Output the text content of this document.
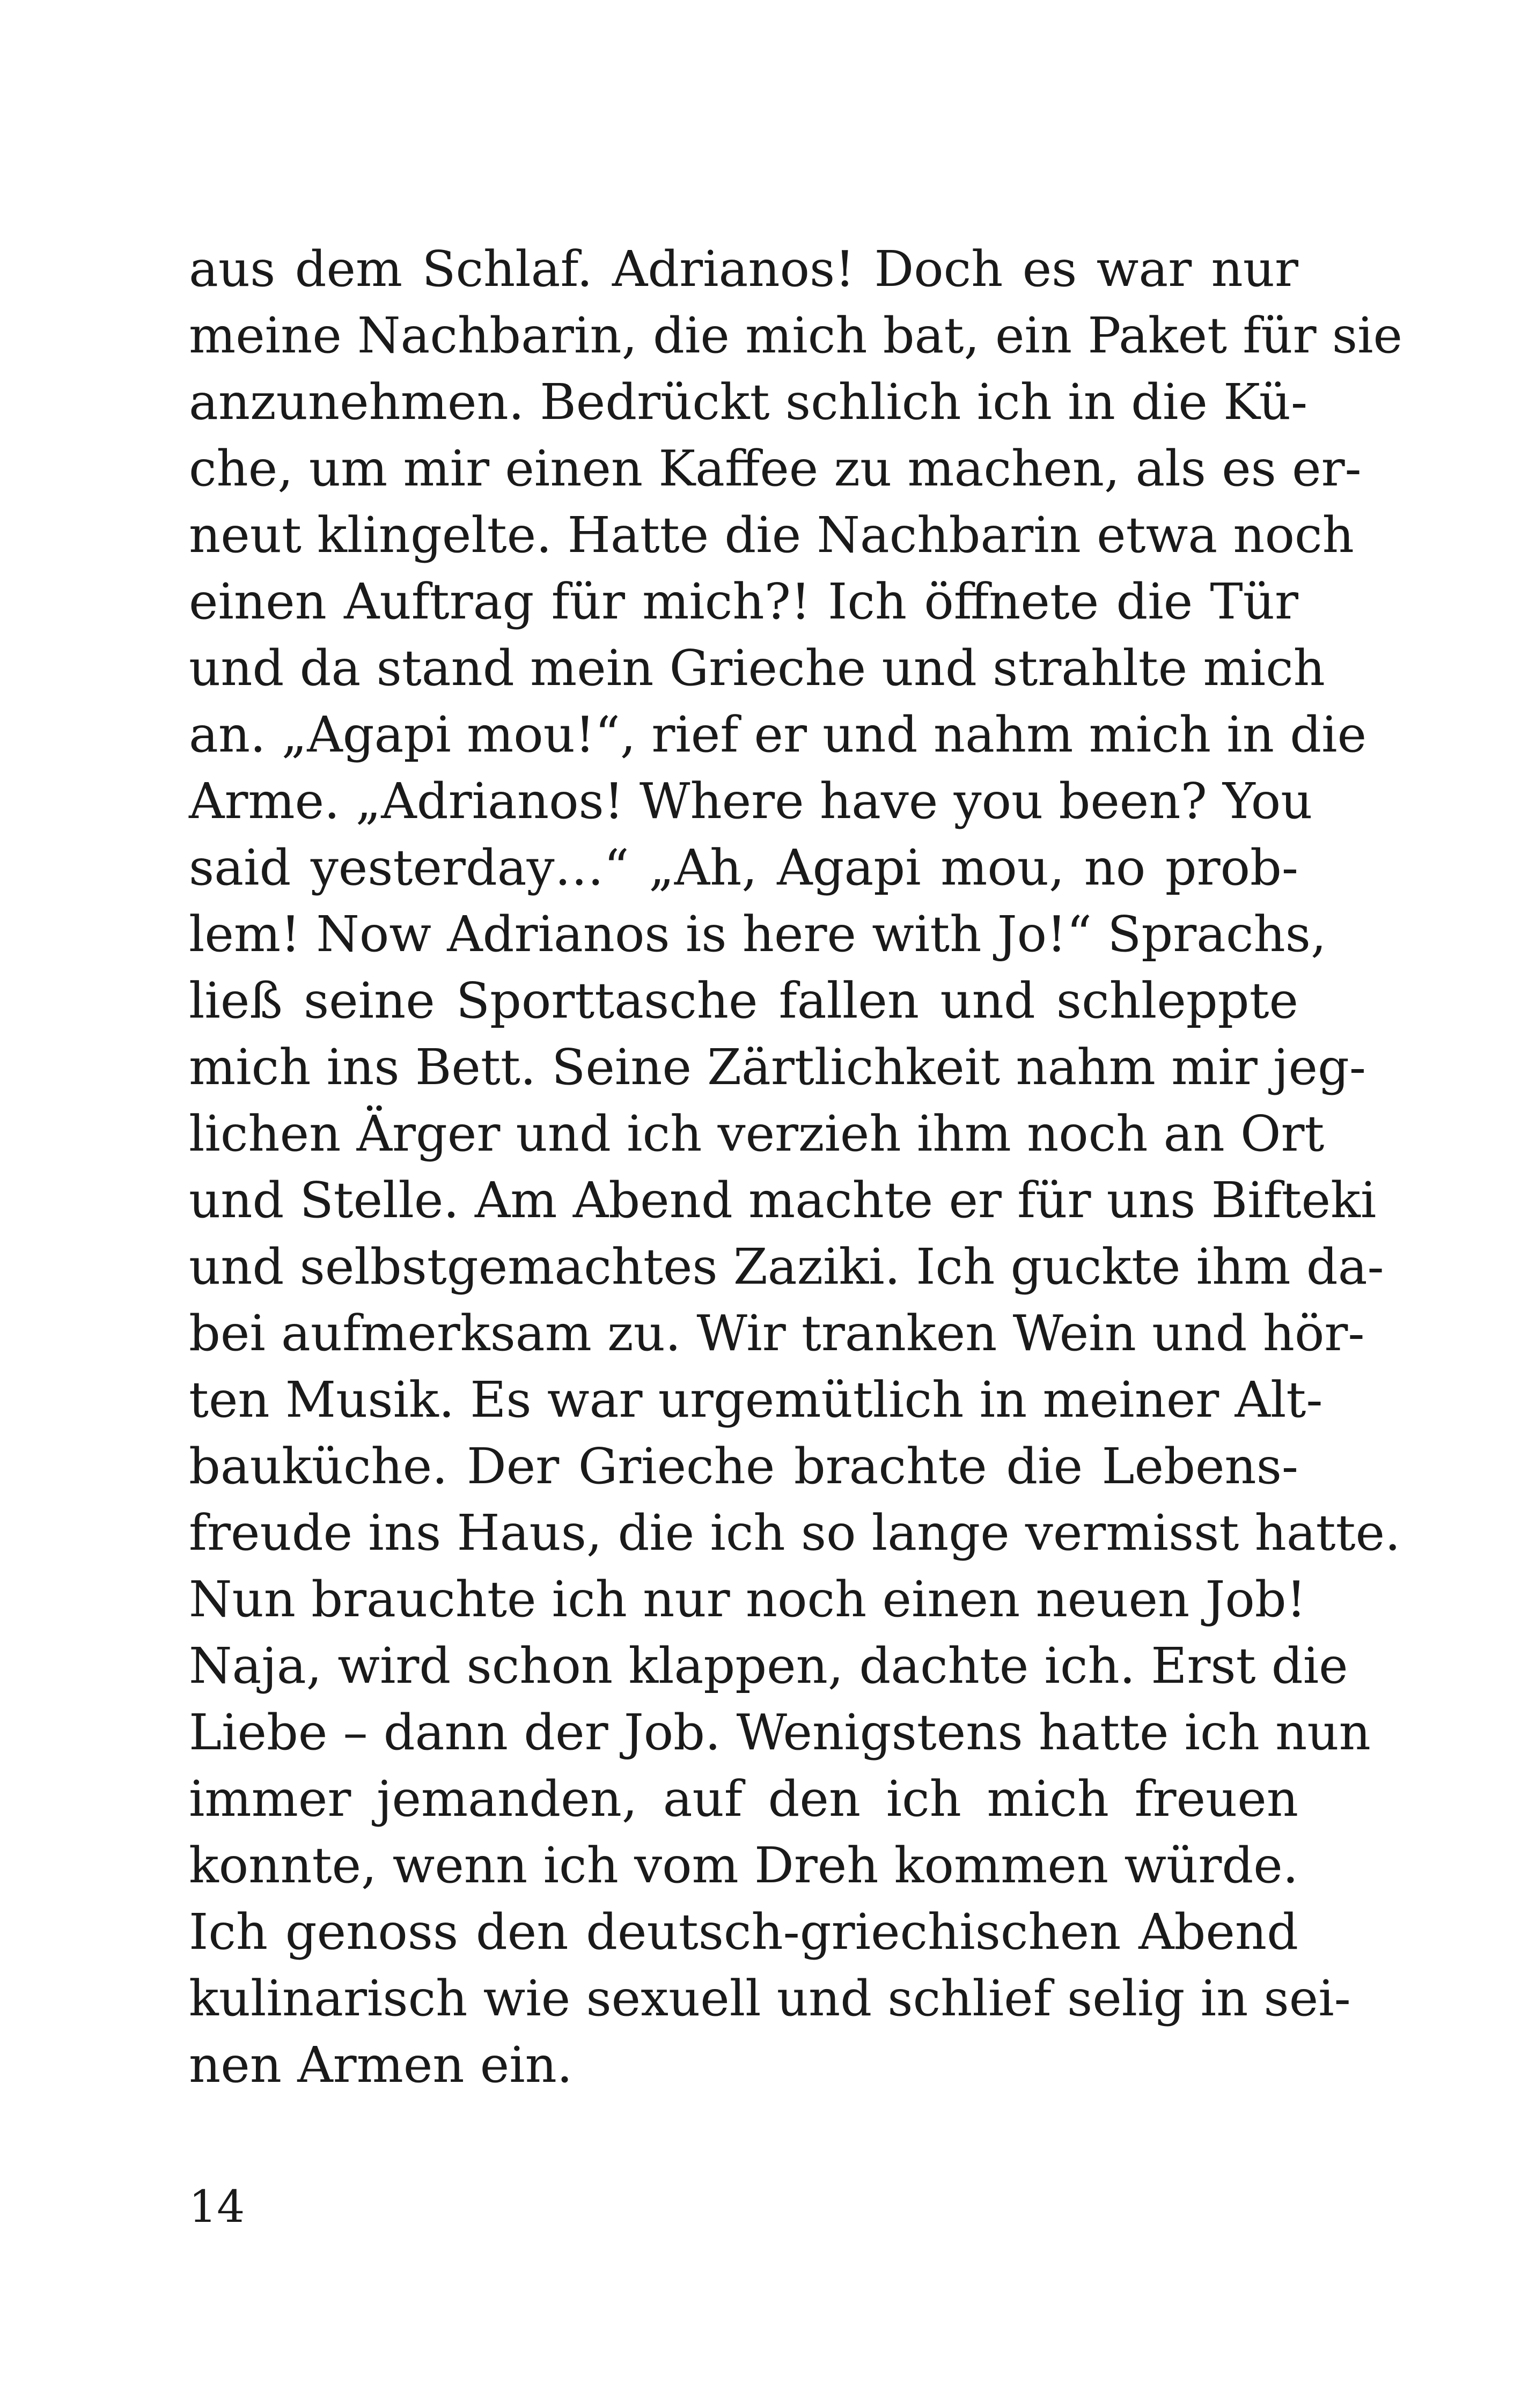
aus dem Schlaf. Adrianos! Doch es war nur
meine Nachbarin, die mich bat, ein Paket für sie
anzunehmen. Bedrückt schlich ich in die Kü-
che, um mir einen Kaffee zu machen, als es er-
neut klingelte. Hatte die Nachbarin etwa noch
einen Auftrag für mich?! Ich öffnete die Tür
und da stand mein Grieche und strahlte mich
an. „Agapi mou!“, rief er und nahm mich in die
Arme. „Adrianos! Where have you been? You
said yesterday…“ „Ah, Agapi mou, no prob-
lem! Now Adrianos is here with Jo!“ Sprachs,
ließ seine Sporttasche fallen und schleppte
mich ins Bett. Seine Zärtlichkeit nahm mir jeg-
lichen Ärger und ich verzieh ihm noch an Ort
und Stelle. Am Abend machte er für uns Bifteki
und selbstgemachtes Zaziki. Ich guckte ihm da-
bei aufmerksam zu. Wir tranken Wein und hör-
ten Musik. Es war urgemütlich in meiner Alt-
bauküche. Der Grieche brachte die Lebens-
freude ins Haus, die ich so lange vermisst hatte.
Nun brauchte ich nur noch einen neuen Job!
Naja, wird schon klappen, dachte ich. Erst die
Liebe – dann der Job. Wenigstens hatte ich nun
immer jemanden, auf den ich mich freuen
konnte, wenn ich vom Dreh kommen würde.
Ich genoss den deutsch-griechischen Abend
kulinarisch wie sexuell und schlief selig in sei-
nen Armen ein.
14
